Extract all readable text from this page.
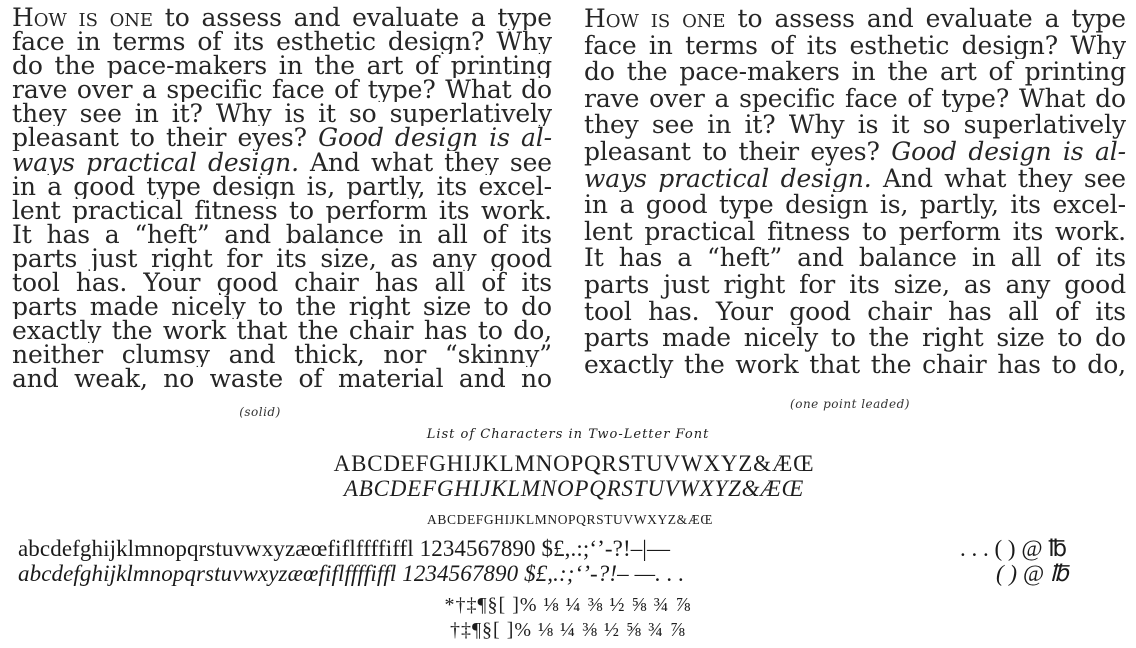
How is one to assess and evaluate a type
face in terms of its esthetic design? Why
do the pace-makers in the art of printing
rave over a specific face of type? What do
they see in it? Why is it so superlatively
pleasant to their eyes? Good design is al-
ways practical design. And what they see
in a good type design is, partly, its excel-
lent practical fitness to perform its work.
It has a “heft” and balance in all of its
parts just right for its size, as any good
tool has. Your good chair has all of its
parts made nicely to the right size to do
exactly the work that the chair has to do,
neither clumsy and thick, nor “skinny”
and weak, no waste of material and no
(solid)
How is one to assess and evaluate a type
face in terms of its esthetic design? Why
do the pace-makers in the art of printing
rave over a specific face of type? What do
they see in it? Why is it so superlatively
pleasant to their eyes? Good design is al-
ways practical design. And what they see
in a good type design is, partly, its excel-
lent practical fitness to perform its work.
It has a “heft” and balance in all of its
parts just right for its size, as any good
tool has. Your good chair has all of its
parts made nicely to the right size to do
exactly the work that the chair has to do,
(one point leaded)
List of Characters in Two-Letter Font
ABCDEFGHIJKLMNOPQRSTUVWXYZ&ÆŒ
ABCDEFGHIJKLMNOPQRSTUVWXYZ&ÆŒ
ABCDEFGHIJKLMNOPQRSTUVWXYZ&ÆŒ
abcdefghijklmnopqrstuvwxyzæœfiflffffiffl 1234567890 $£,.:;‘’-?!–|—	. . . ( ) @ ℔
abcdefghijklmnopqrstuvwxyzæœfiflffffiffl 1234567890 $£,.:;‘’-?!– —. . .	( ) @ ℔
*†‡¶§[ ]% ⅛ ¼ ⅜ ½ ⅝ ¾ ⅞
†‡¶§[ ]% ⅛ ¼ ⅜ ½ ⅝ ¾ ⅞
